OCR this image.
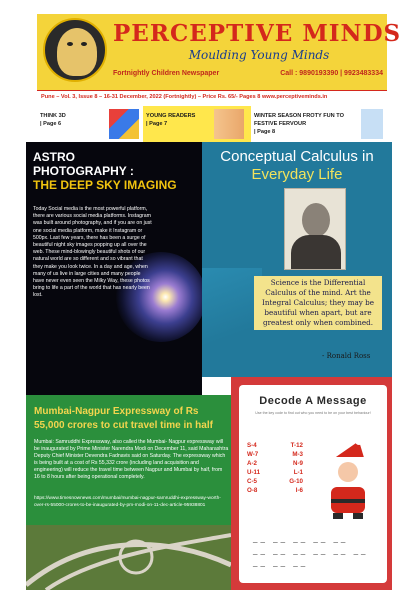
PERCEPTIVE MINDS
Moulding Young Minds
Fortnightly Children Newspaper	Call : 9890193390 | 9923483334
Pune – Vol. 3, Issue 8 – 16-31 December, 2022 (Fortnightly) – Price Rs. 65/- Pages 8 www.perceptiveminds.in
THINK 3D
| Page 6
YOUNG READERS
| Page 7
WINTER SEASON FROTY FUN TO FESTIVE FERVOUR
| Page 8
ASTRO
PHOTOGRAPHY :
THE DEEP SKY IMAGING
Today Social media is the most powerful platform, there are various social media platforms. Instagram was built around photography, and if you are on just one social media platform, make it Instagram or 500px. Last few years, there has been a surge of beautiful night sky images popping up all over the web. These mind-blowingly beautiful shots of our natural world are so different and so vibrant that they make you look twice. In a day and age, when many of us live in large cities and many people have never even seen the Milky Way, these photos bring to life a part of the world that has nearly been lost.
Conceptual Calculus in
Everyday Life
Science is the Differential Calculus of the mind. Art the Integral Calculus; they may be beautiful when apart, but are greatest only when combined.
- Ronald Ross
Mumbai-Nagpur Expressway of Rs 55,000 crores to cut travel time in half
Mumbai: Samruddhi Expressway, also called the Mumbai- Nagpur expressway will be inaugurated by Prime Minister Narendra Modi on December 11, said Maharashtra Deputy Chief Minister Devendra Fadnavis said on Saturday. The expressway which is being built at a cost of Rs 55,332 crore (including land acquisition and engineering) will reduce the travel time between Nagpur and Mumbai by half, from 16 to 8 hours after being operational completely.
https://www.timesnownews.com/mumbai/mumbai-nagpur-samruddhi-expressway-worth-over-rs-55000-crores-to-be-inaugurated-by-pm-modi-on-11-dec-article-95938801
Decode A Message
Use the key code to find out who you need to be on your best behaviour!
S-4	T-12
W-7	M-3
A-2	N-9
U-11	L-1
C-5	G-10
O-8	I-6
__ __ __ __ __
__ __ __ __ __ __
__ __ __
